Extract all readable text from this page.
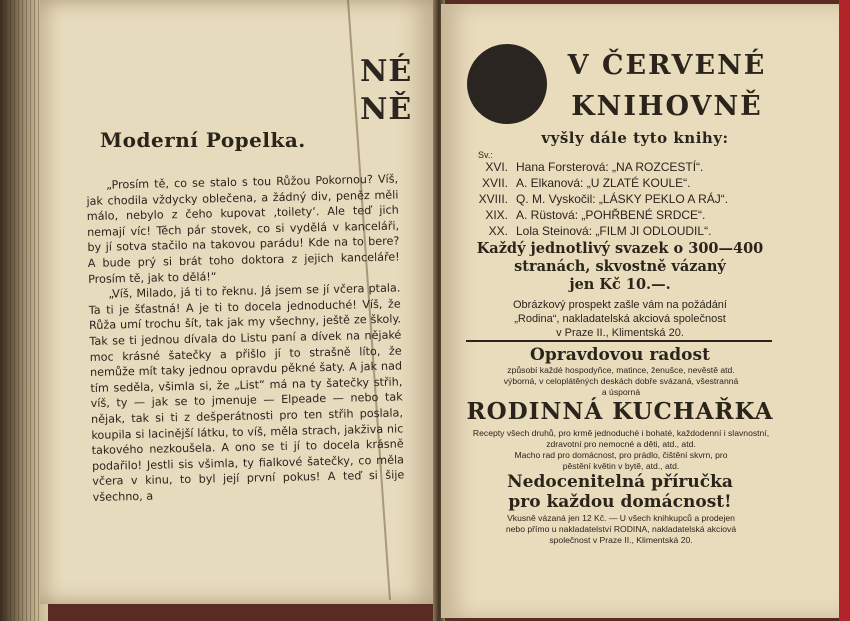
NÉ
NĚ
Moderní Popelka.

„Prosím tě, co se stalo s tou Růžou Pokornou? Víš, jak chodila vždycky oblečena, a žádný div, peněz měli málo, nebylo z čeho kupovat ‚toilety‘. Ale teď jich nemají víc! Těch pár stovek, co si vydělá v kanceláři, by jí sotva stačilo na takovou parádu! Kde na to bere? A bude prý si brát toho doktora z jejich kanceláře! Prosím tě, jak to dělá!“

„Víš, Milado, já ti to řeknu. Já jsem se jí včera ptala. Ta ti je šťastná! A je ti to docela jednoduché! Víš, že Růža umí trochu šít, tak jak my všechny, ještě ze školy. Tak se ti jednou dívala do Listu paní a dívek na nějaké moc krásné šatečky a přišlo jí to strašně líto, že nemůže mít taky jednou opravdu pěkné šaty. A jak nad tím seděla, všimla si, že „List“ má na ty šatečky střih, víš, ty — jak se to jmenuje — Elpeade — nebo tak nějak, tak si ti z dešperátnosti pro ten střih poslala, koupila si lacinější látku, to víš, měla strach, jakživa nic takového nezkoušela. A ono se ti jí to docela krásně podařilo! Jestli sis všimla, ty fialkové šatečky, co měla včera v kinu, to byl její první pokus! A teď si šije všechno, a

V ČERVENÉ
KNIHOVNĚ
vyšly dále tyto knihy:
Sv.:
XVI. Hana Forsterová: „NA ROZCESTÍ“.
XVII. A. Elkanová: „U ZLATÉ KOULE“.
XVIII. Q. M. Vyskočil: „LÁSKY PEKLO A RÁJ“.
XIX. A. Rüstová: „POHŘBENÉ SRDCE“.
XX. Lola Steinová: „FILM JI ODLOUDIL“.
Každý jednotlivý svazek o 300—400
stranách, skvostně vázaný
jen Kč 10.—.
Obrázkový prospekt zašle vám na požádání
„Rodina“, nakladatelská akciová společnost
v Praze II., Klimentská 20.
Opravdovou radost
způsobí každé hospodyňce, matince, ženušce, nevěstě atd.
výborná, v celoplátěných deskách dobře svázaná, všestranná
a úsporná
RODINNÁ KUCHAŘKA
Recepty všech druhů, pro krmě jednoduché i bohaté, každodenní i slavnostní, zdravotní pro nemocné a děti, atd., atd.
Macho rad pro domácnost, pro prádlo, čištění skvrn, pro
pěstění květin v bytě, atd., atd.
Nedocenitelná příručka
pro každou domácnost!
Vkusně vázaná jen 12 Kč. — U všech knihkupců a prodejen
nebo přímo u nakladatelství RODINA, nakladatelská akciová
společnost v Praze II., Klimentská 20.
